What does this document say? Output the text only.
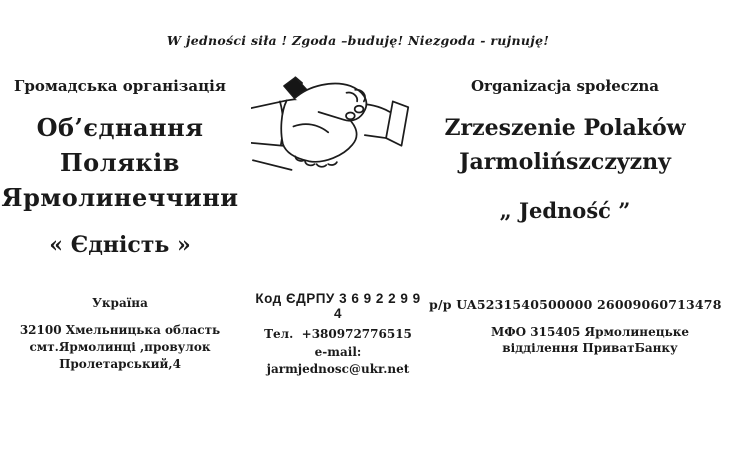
W jedności siła ! Zgoda –buduję! Niezgoda - rujnuję!
Громадська організація
Об’єднання
Поляків
Ярмолинеччини
« Єдність »
Organizacja społeczna
Zrzeszenie Polaków
Jarmolińszczyzny
„ Jedność ”
Україна
32100 Хмельницька область
смт.Ярмолинці ,провулок
Пролетарський,4
Код ЄДРПУ 3 6 9 2 2 9 9 4
Тел.  +380972776515
e-mail:
jarmjednosc@ukr.net
р/р UA5231540500000 26009060713478
МФО 315405 Ярмолинецьке
відділення ПриватБанку
